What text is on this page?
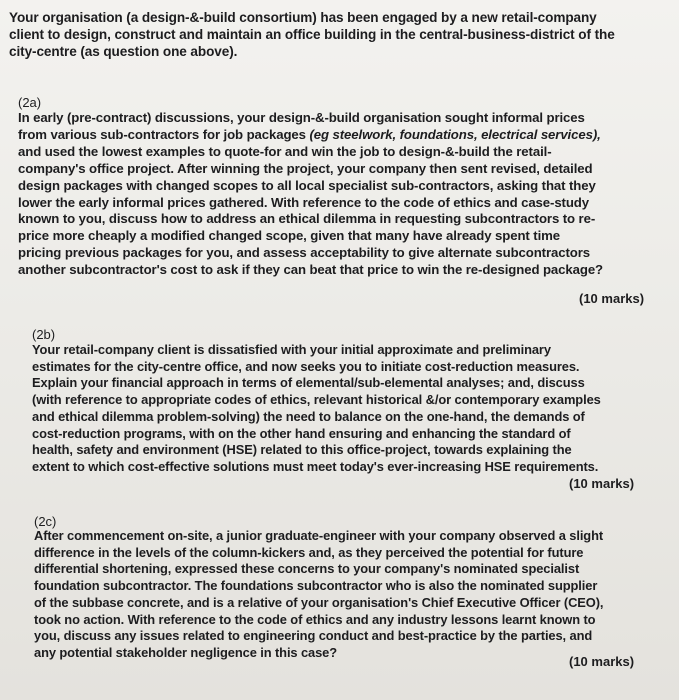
Your organisation (a design-&-build consortium) has been engaged by a new retail-company
client to design, construct and maintain an office building in the central-business-district of the
city-centre (as question one above).
(2a)
In early (pre-contract) discussions, your design-&-build organisation sought informal prices
from various sub-contractors for job packages (eg steelwork, foundations, electrical services),
and used the lowest examples to quote-for and win the job to design-&-build the retail-
company's office project. After winning the project, your company then sent revised, detailed
design packages with changed scopes to all local specialist sub-contractors, asking that they
lower the early informal prices gathered. With reference to the code of ethics and case-study
known to you, discuss how to address an ethical dilemma in requesting subcontractors to re-
price more cheaply a modified changed scope, given that many have already spent time
pricing previous packages for you, and assess acceptability to give alternate subcontractors
another subcontractor's cost to ask if they can beat that price to win the re-designed package?
(10 marks)
(2b)
Your retail-company client is dissatisfied with your initial approximate and preliminary
estimates for the city-centre office, and now seeks you to initiate cost-reduction measures.
Explain your financial approach in terms of elemental/sub-elemental analyses; and, discuss
(with reference to appropriate codes of ethics, relevant historical &/or contemporary examples
and ethical dilemma problem-solving) the need to balance on the one-hand, the demands of
cost-reduction programs, with on the other hand ensuring and enhancing the standard of
health, safety and environment (HSE) related to this office-project, towards explaining the
extent to which cost-effective solutions must meet today's ever-increasing HSE requirements.
(10 marks)
(2c)
After commencement on-site, a junior graduate-engineer with your company observed a slight
difference in the levels of the column-kickers and, as they perceived the potential for future
differential shortening, expressed these concerns to your company's nominated specialist
foundation subcontractor. The foundations subcontractor who is also the nominated supplier
of the subbase concrete, and is a relative of your organisation's Chief Executive Officer (CEO),
took no action. With reference to the code of ethics and any industry lessons learnt known to
you, discuss any issues related to engineering conduct and best-practice by the parties, and
any potential stakeholder negligence in this case?
(10 marks)
